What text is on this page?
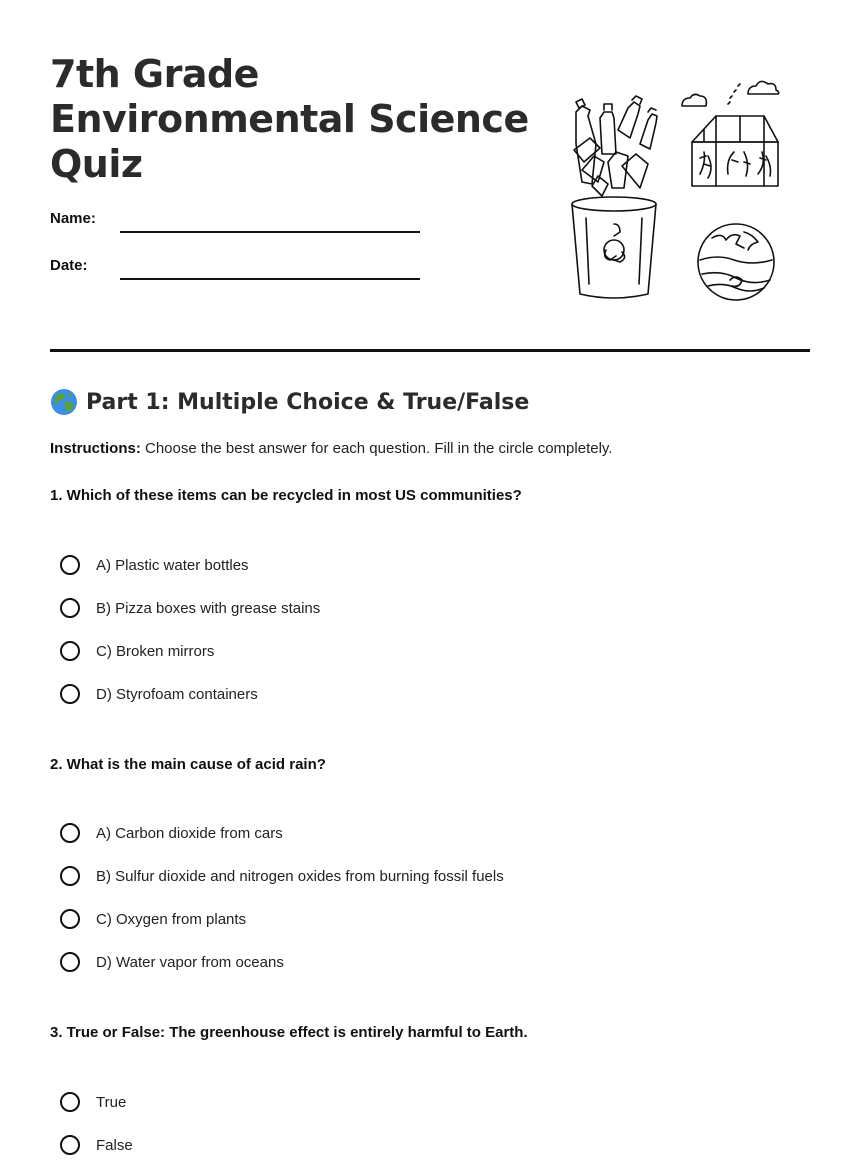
7th Grade
Environmental Science
Quiz
Name:
Date:
Part 1: Multiple Choice & True/False
Instructions: Choose the best answer for each question. Fill in the circle completely.
1. Which of these items can be recycled in most US communities?
A) Plastic water bottles
B) Pizza boxes with grease stains
C) Broken mirrors
D) Styrofoam containers
2. What is the main cause of acid rain?
A) Carbon dioxide from cars
B) Sulfur dioxide and nitrogen oxides from burning fossil fuels
C) Oxygen from plants
D) Water vapor from oceans
3. True or False: The greenhouse effect is entirely harmful to Earth.
True
False
